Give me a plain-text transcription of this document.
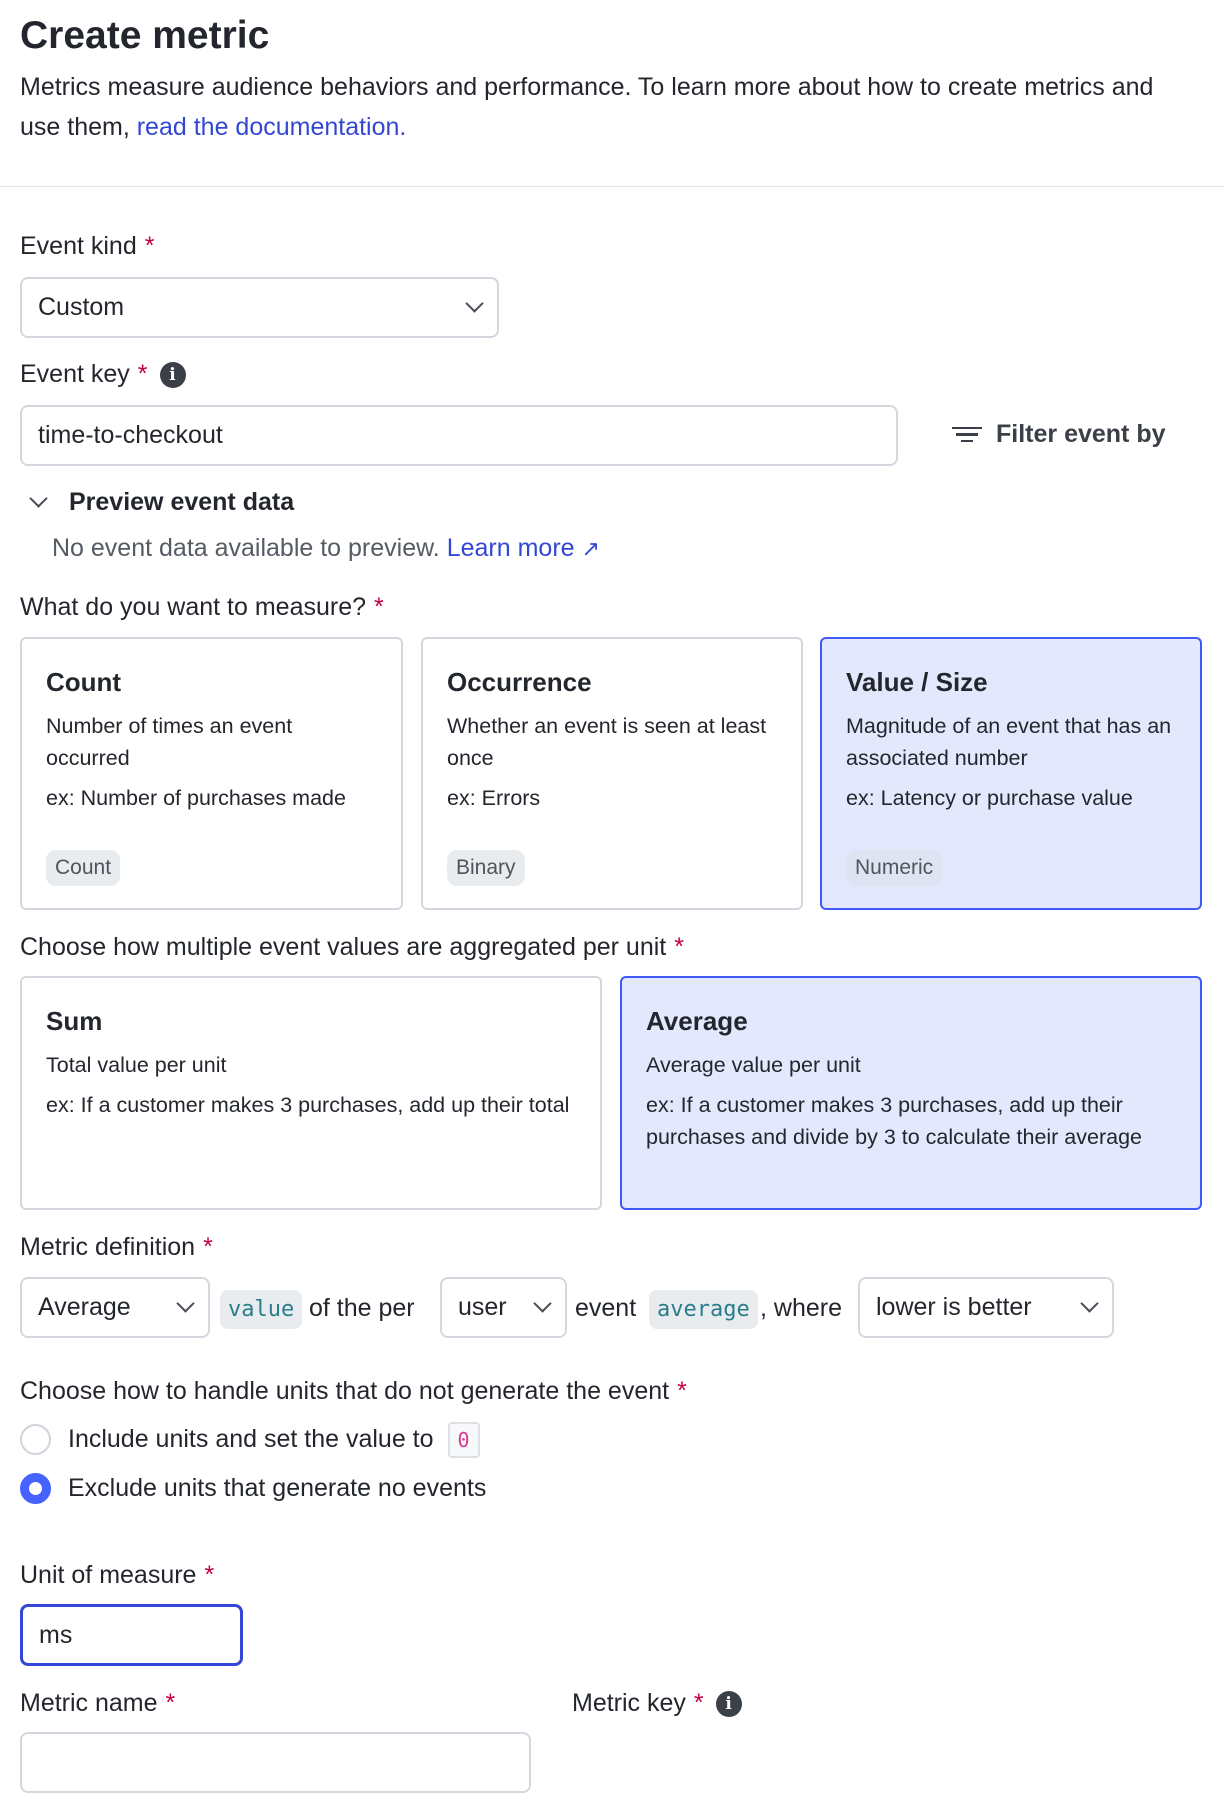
Create metric
Metrics measure audience behaviors and performance. To learn more about how to create metrics and use them, read the documentation.
Event kind *
Custom
Event key * i
time-to-checkout	Filter event by
Preview event data
No event data available to preview. Learn more ↗
What do you want to measure? *
Count
Number of times an event occurred
ex: Number of purchases made
Count
Occurrence
Whether an event is seen at least once
ex: Errors
Binary
Value / Size
Magnitude of an event that has an associated number
ex: Latency or purchase value
Numeric
Choose how multiple event values are aggregated per unit *
Sum
Total value per unit
ex: If a customer makes 3 purchases, add up their total
Average
Average value per unit
ex: If a customer makes 3 purchases, add up their purchases and divide by 3 to calculate their average
Metric definition *
Average	value of the per user	event average , where lower is better
Choose how to handle units that do not generate the event *
Include units and set the value to	0
Exclude units that generate no events
Unit of measure *
ms
Metric name *	Metric key * i
